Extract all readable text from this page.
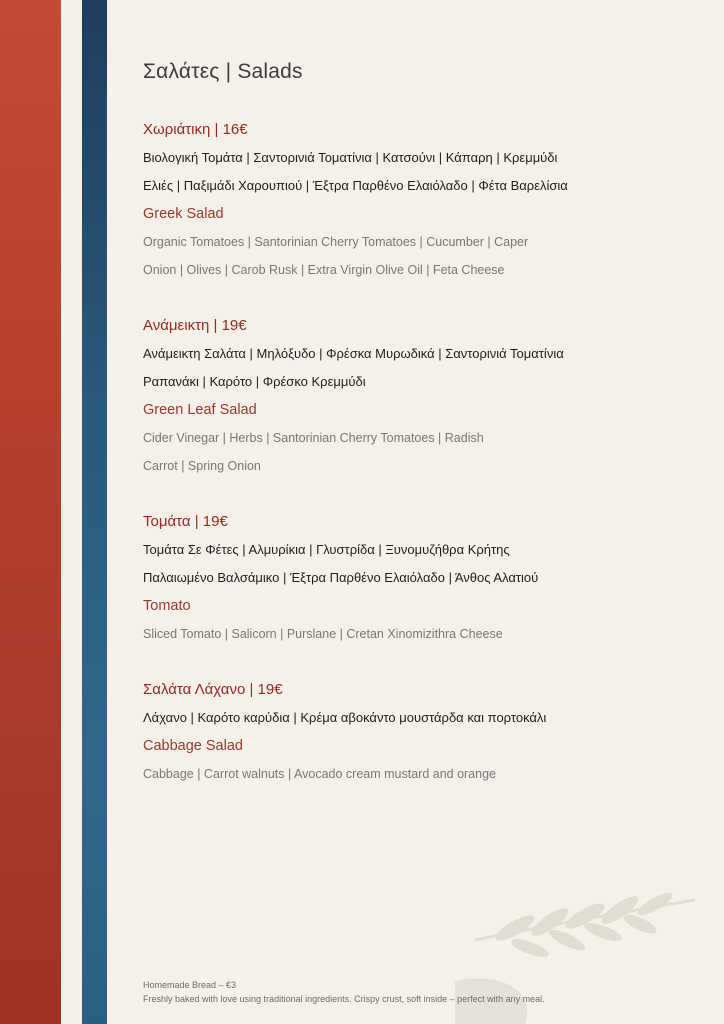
Σαλάτες | Salads
Χωριάτικη | 16€
Βιολογική Τομάτα | Σαντορινιά Τοματίνια | Κατσούνι | Κάπαρη | Κρεμμύδι
Ελιές | Παξιμάδι Χαρουπιού | Έξτρα Παρθένο Ελαιόλαδο | Φέτα Βαρελίσια
Greek Salad
Organic Tomatoes | Santorinian Cherry Tomatoes | Cucumber | Caper
Onion | Olives | Carob Rusk | Extra Virgin Olive Oil | Feta Cheese
Ανάμεικτη | 19€
Ανάμεικτη Σαλάτα | Μηλόξυδο | Φρέσκα Μυρωδικά | Σαντορινιά Τοματίνια
Ραπανάκι | Καρότο | Φρέσκο Κρεμμύδι
Green Leaf Salad
Cider Vinegar | Herbs | Santorinian Cherry Tomatoes | Radish
Carrot | Spring Onion
Τομάτα | 19€
Τομάτα Σε Φέτες | Αλμυρίκια | Γλυστρίδα | Ξυνομυζήθρα Κρήτης
Παλαιωμένο Βαλσάμικο | Έξτρα Παρθένο Ελαιόλαδο | Άνθος Αλατιού
Tomato
Sliced Tomato | Salicorn | Purslane | Cretan Xinomizithra Cheese
Σαλάτα Λάχανο | 19€
Λάχανο | Καρότο καρύδια | Κρέμα αβοκάντο μουστάρδα και πορτοκάλι
Cabbage Salad
Cabbage | Carrot walnuts | Avocado cream mustard and orange
Homemade Bread – €3
Freshly baked with love using traditional ingredients. Crispy crust, soft inside – perfect with any meal.
